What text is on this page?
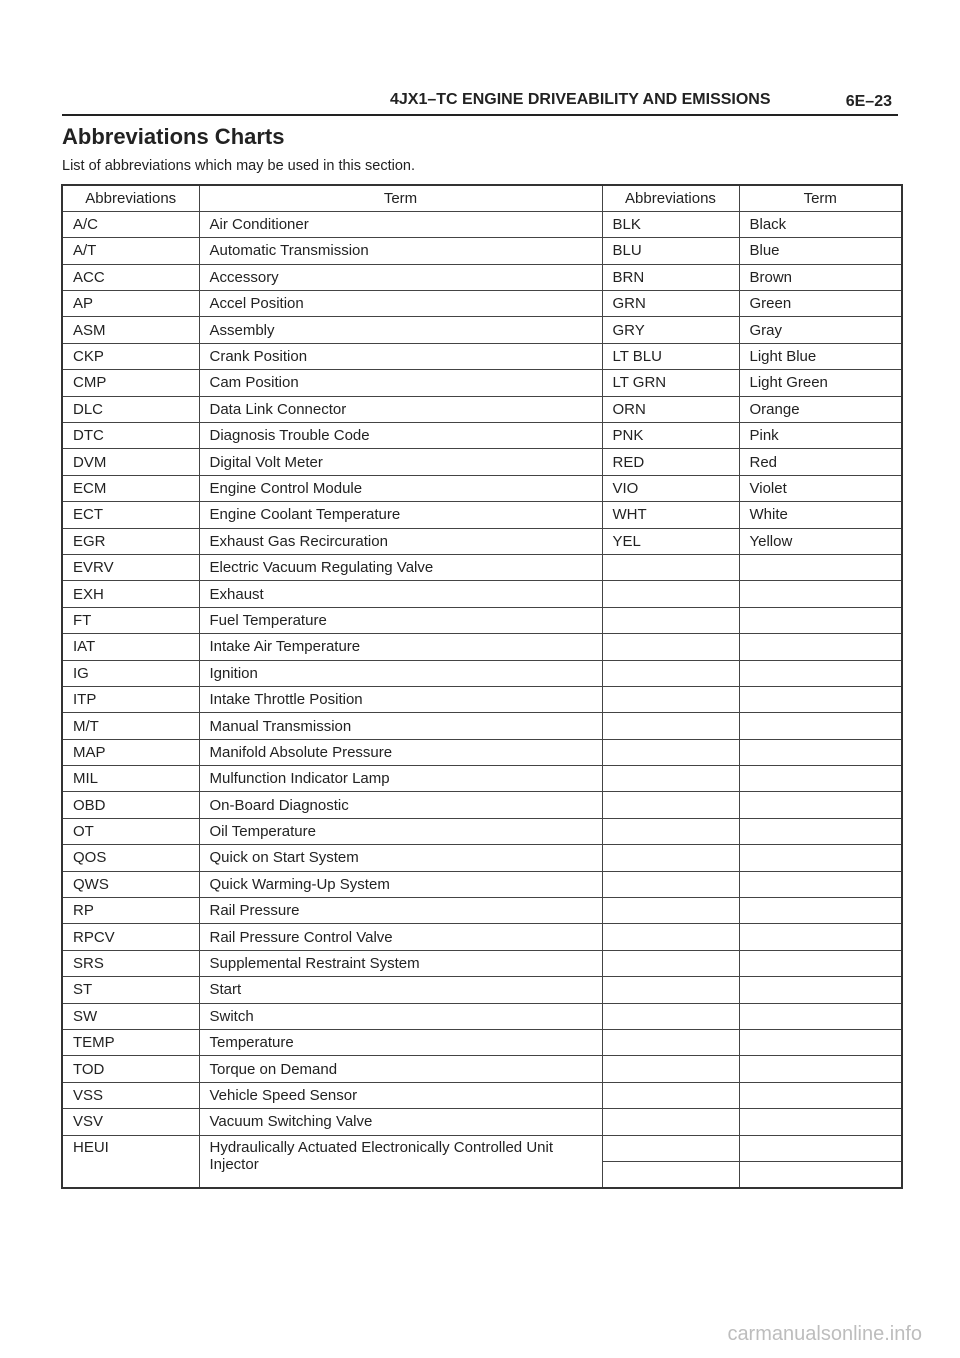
4JX1–TC ENGINE DRIVEABILITY AND EMISSIONS	6E–23
Abbreviations Charts
List of abbreviations which may be used in this section.
Abbreviations	Term	Abbreviations	Term
A/C	Air Conditioner	BLK	Black
A/T	Automatic Transmission	BLU	Blue
ACC	Accessory	BRN	Brown
AP	Accel Position	GRN	Green
ASM	Assembly	GRY	Gray
CKP	Crank Position	LT BLU	Light Blue
CMP	Cam Position	LT GRN	Light Green
DLC	Data Link Connector	ORN	Orange
DTC	Diagnosis Trouble Code	PNK	Pink
DVM	Digital Volt Meter	RED	Red
ECM	Engine Control Module	VIO	Violet
ECT	Engine Coolant Temperature	WHT	White
EGR	Exhaust Gas Recircuration	YEL	Yellow
EVRV	Electric Vacuum Regulating Valve		
EXH	Exhaust		
FT	Fuel Temperature		
IAT	Intake Air Temperature		
IG	Ignition		
ITP	Intake Throttle Position		
M/T	Manual Transmission		
MAP	Manifold Absolute Pressure		
MIL	Mulfunction Indicator Lamp		
OBD	On-Board Diagnostic		
OT	Oil Temperature		
QOS	Quick on Start System		
QWS	Quick Warming-Up System		
RP	Rail Pressure		
RPCV	Rail Pressure Control Valve		
SRS	Supplemental Restraint System		
ST	Start		
SW	Switch		
TEMP	Temperature		
TOD	Torque on Demand		
VSS	Vehicle Speed Sensor		
VSV	Vacuum Switching Valve		
HEUI	Hydraulically Actuated Electronically Controlled Unit Injector		

carmanualsonline.info
